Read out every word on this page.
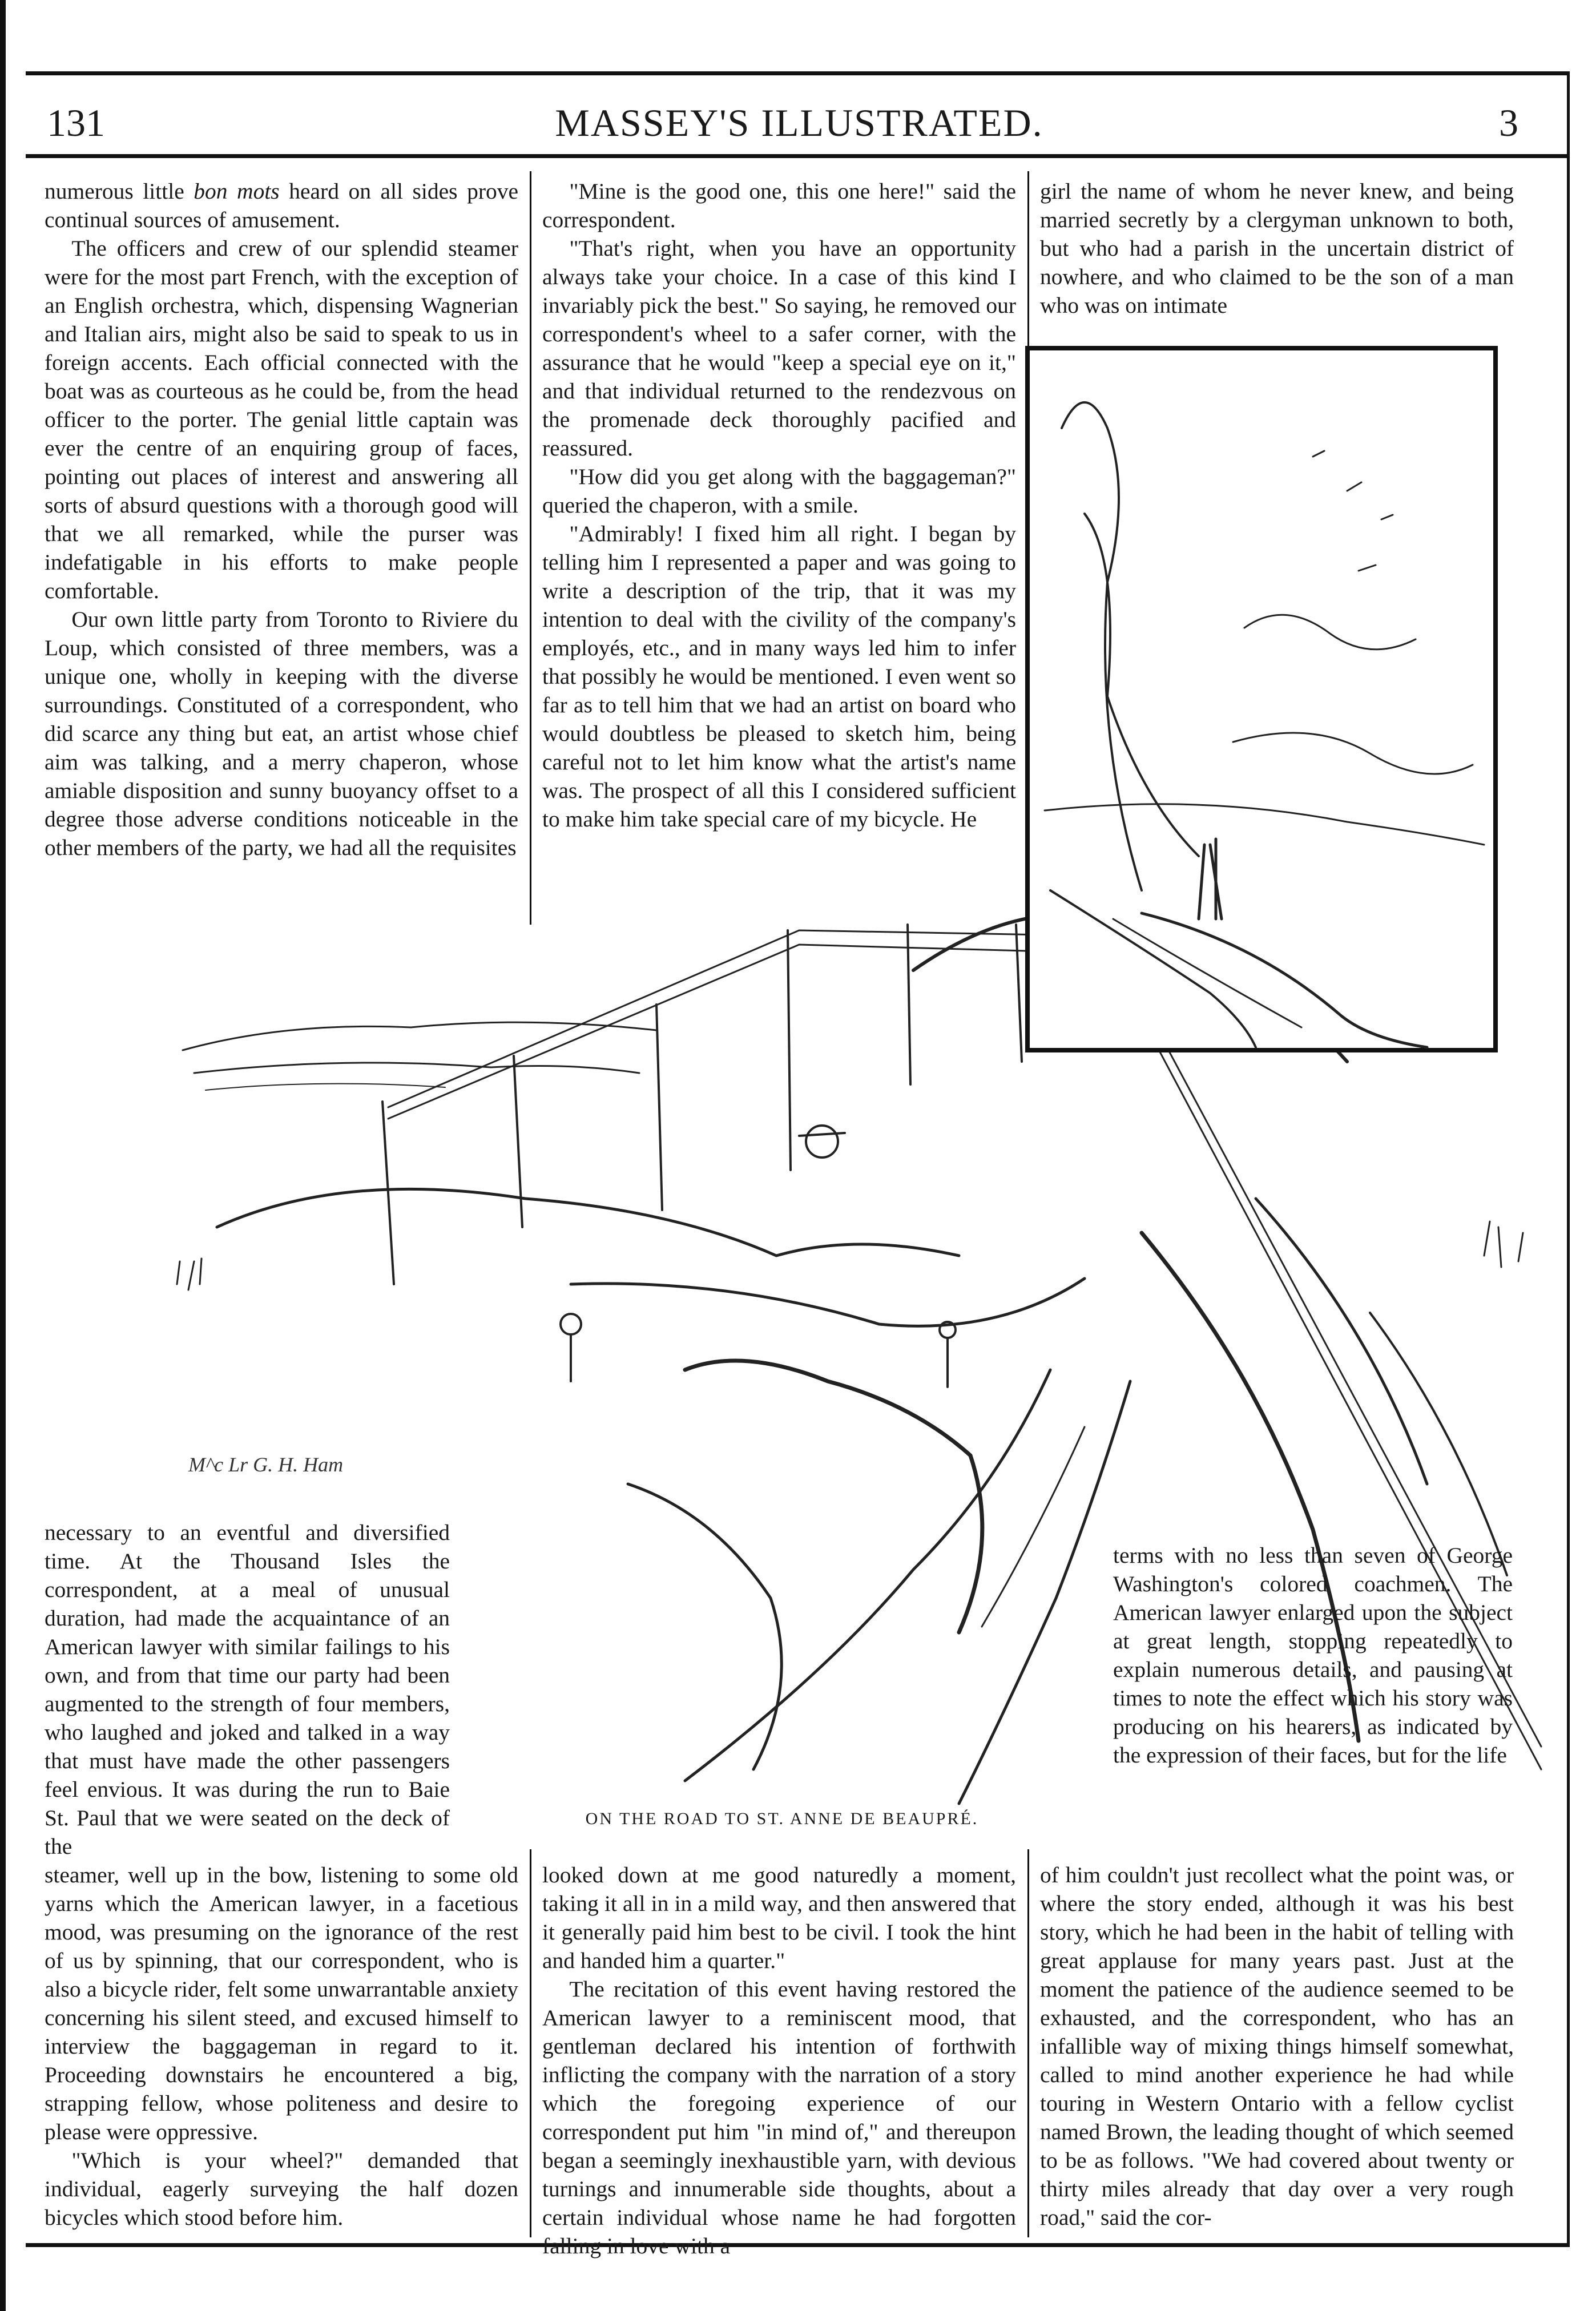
131	MASSEY'S ILLUSTRATED.	3

numerous little bon mots heard on all sides prove continual sources of amusement.

The officers and crew of our splendid steamer were for the most part French, with the exception of an English orchestra, which, dispensing Wagnerian and Italian airs, might also be said to speak to us in foreign accents. Each official connected with the boat was as courteous as he could be, from the head officer to the porter. The genial little captain was ever the centre of an enquiring group of faces, pointing out places of interest and answering all sorts of absurd questions with a thorough good will that we all remarked, while the purser was indefatigable in his efforts to make people comfortable.

Our own little party from Toronto to Riviere du Loup, which consisted of three members, was a unique one, wholly in keeping with the diverse surroundings. Constituted of a correspondent, who did scarce any thing but eat, an artist whose chief aim was talking, and a merry chaperon, whose amiable disposition and sunny buoyancy offset to a degree those adverse conditions noticeable in the other members of the party, we had all the requisites

"Mine is the good one, this one here!" said the correspondent.

"That's right, when you have an opportunity always take your choice. In a case of this kind I invariably pick the best." So saying, he removed our correspondent's wheel to a safer corner, with the assurance that he would "keep a special eye on it," and that individual returned to the rendezvous on the promenade deck thoroughly pacified and reassured.

"How did you get along with the baggageman?" queried the chaperon, with a smile.

"Admirably! I fixed him all right. I began by telling him I represented a paper and was going to write a description of the trip, that it was my intention to deal with the civility of the company's employés, etc., and in many ways led him to infer that possibly he would be mentioned. I even went so far as to tell him that we had an artist on board who would doubtless be pleased to sketch him, being careful not to let him know what the artist's name was. The prospect of all this I considered sufficient to make him take special care of my bicycle. He

girl the name of whom he never knew, and being married secretly by a clergyman unknown to both, but who had a parish in the uncertain district of nowhere, and who claimed to be the son of a man who was on intimate

M^c Lr G. H. Ham
ON THE ROAD TO ST. ANNE DE BEAUPRÉ.

necessary to an eventful and diversified time. At the Thousand Isles the correspondent, at a meal of unusual duration, had made the acquaintance of an American lawyer with similar failings to his own, and from that time our party had been augmented to the strength of four members, who laughed and joked and talked in a way that must have made the other passengers feel envious. It was during the run to Baie St. Paul that we were seated on the deck of the

steamer, well up in the bow, listening to some old yarns which the American lawyer, in a facetious mood, was presuming on the ignorance of the rest of us by spinning, that our correspondent, who is also a bicycle rider, felt some unwarrantable anxiety concerning his silent steed, and excused himself to interview the baggageman in regard to it. Proceeding downstairs he encountered a big, strapping fellow, whose politeness and desire to please were oppressive.

"Which is your wheel?" demanded that individual, eagerly surveying the half dozen bicycles which stood before him.

terms with no less than seven of George Washington's colored coachmen. The American lawyer enlarged upon the subject at great length, stopping repeatedly to explain numerous details, and pausing at times to note the effect which his story was producing on his hearers, as indicated by the expression of their faces, but for the life

looked down at me good naturedly a moment, taking it all in in a mild way, and then answered that it generally paid him best to be civil. I took the hint and handed him a quarter."

The recitation of this event having restored the American lawyer to a reminiscent mood, that gentleman declared his intention of forthwith inflicting the company with the narration of a story which the foregoing experience of our correspondent put him "in mind of," and thereupon began a seemingly inexhaustible yarn, with devious turnings and innumerable side thoughts, about a certain individual whose name he had forgotten falling in love with a

of him couldn't just recollect what the point was, or where the story ended, although it was his best story, which he had been in the habit of telling with great applause for many years past. Just at the moment the patience of the audience seemed to be exhausted, and the correspondent, who has an infallible way of mixing things himself somewhat, called to mind another experience he had while touring in Western Ontario with a fellow cyclist named Brown, the leading thought of which seemed to be as follows. "We had covered about twenty or thirty miles already that day over a very rough road," said the cor-
